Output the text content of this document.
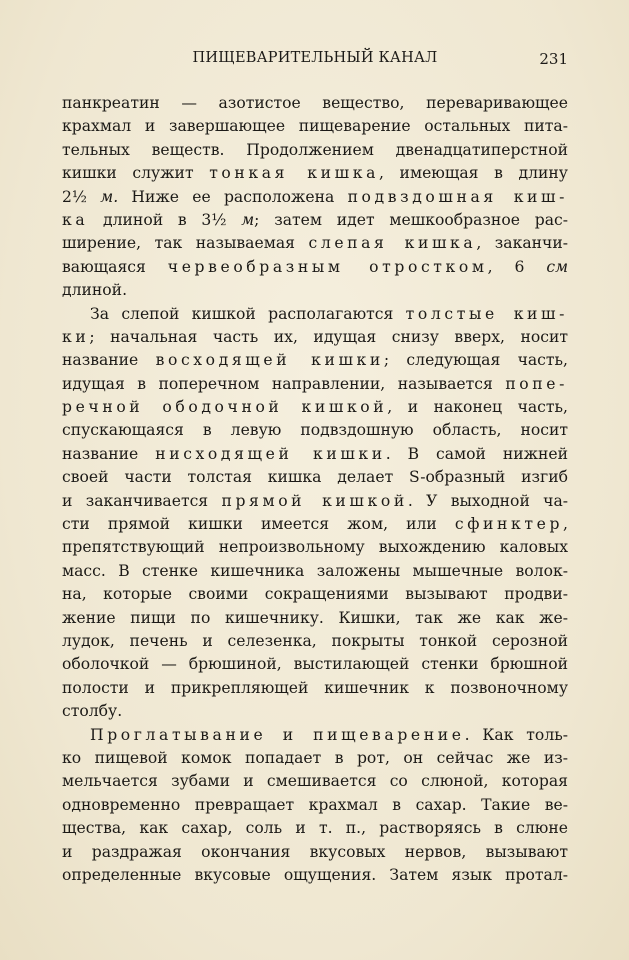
ПИЩЕВАРИТЕЛЬНЫЙ КАНАЛ	231

панкреатин — азотистое вещество, переваривающее
крахмал и завершающее пищеварение остальных пита-
тельных веществ. Продолжением двенадцатиперстной
кишки служит тонкая кишка, имеющая в длину
2½ м. Ниже ее расположена подвздошная киш-
ка длиной в 3½ м; затем идет мешкообразное рас-
ширение, так называемая слепая кишка, заканчи-
вающаяся червеобразным отростком, 6 см
длиной.

За слепой кишкой располагаются толстые киш-
ки; начальная часть их, идущая снизу вверх, носит
название восходящей кишки; следующая часть,
идущая в поперечном направлении, называется попе-
речной ободочной кишкой, и наконец часть,
спускающаяся в левую подвздошную область, носит
название нисходящей кишки. В самой нижней
своей части толстая кишка делает S-образный изгиб
и заканчивается прямой кишкой. У выходной ча-
сти прямой кишки имеется жом, или сфинктер,
препятствующий непроизвольному выхождению каловых
масс. В стенке кишечника заложены мышечные волок-
на, которые своими сокращениями вызывают продви-
жение пищи по кишечнику. Кишки, так же как же-
лудок, печень и селезенка, покрыты тонкой серозной
оболочкой — брюшиной, выстилающей стенки брюшной
полости и прикрепляющей кишечник к позвоночному
столбу.

Проглатывание и пищеварение. Как толь-
ко пищевой комок попадает в рот, он сейчас же из-
мельчается зубами и смешивается со слюной, которая
одновременно превращает крахмал в сахар. Такие ве-
щества, как сахар, соль и т. п., растворяясь в слюне
и раздражая окончания вкусовых нервов, вызывают
определенные вкусовые ощущения. Затем язык протал-
